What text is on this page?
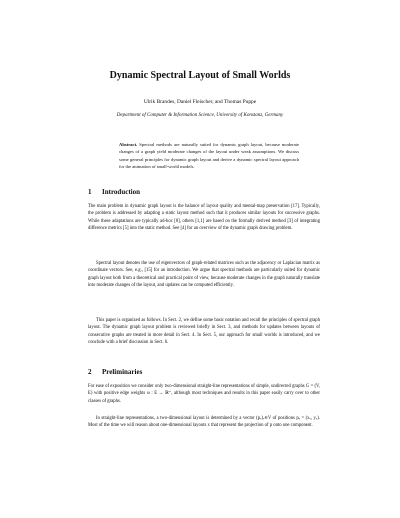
Dynamic Spectral Layout of Small Worlds
Ulrik Brandes, Daniel Fleischer, and Thomas Puppe
Department of Computer & Information Science, University of Konstanz, Germany
Abstract. Spectral methods are naturally suited for dynamic graph layout, because moderate changes of a graph yield moderate changes of the layout under weak assumptions. We discuss some general principles for dynamic graph layout and derive a dynamic spectral layout approach for the animation of small-world models.
1 Introduction

The main problem in dynamic graph layout is the balance of layout quality and mental-map preservation [17]. Typically, the problem is addressed by adapting a static layout method such that it produces similar layouts for successive graphs. While these adaptations are typically ad-hoc [8], others [1,1] are based on the formally derived method [3] of integrating difference metrics [5] into the static method. See [4] for an overview of the dynamic graph drawing problem.

Spectral layout denotes the use of eigenvectors of graph-related matrices such as the adjacency or Laplacian matrix as coordinate vectors. See, e.g., [15] for an introduction. We argue that spectral methods are particularly suited for dynamic graph layout both from a theoretical and practical point of view, because moderate changes in the graph naturally translate into moderate changes of the layout, and updates can be computed efficiently.

This paper is organized as follows. In Sect. 2, we define some basic notation and recall the principles of spectral graph layout. The dynamic graph layout problem is reviewed briefly in Sect. 3, and methods for updates between layouts of consecutive graphs are treated in more detail in Sect. 4. In Sect. 5, our approach for small worlds is introduced, and we conclude with a brief discussion in Sect. 6.

2 Preliminaries

For ease of exposition we consider only two-dimensional straight-line representations of simple, undirected graphs G = (V, E) with positive edge weights ω : E → ℝ⁺, although most techniques and results in this paper easily carry over to other classes of graphs.

In straight-line representations, a two-dimensional layout is determined by a vector (pᵥ)ᵥ∈V of positions pᵥ = (xᵥ, yᵥ). Most of the time we will reason about one-dimensional layouts x that represent the projection of p onto one component.
